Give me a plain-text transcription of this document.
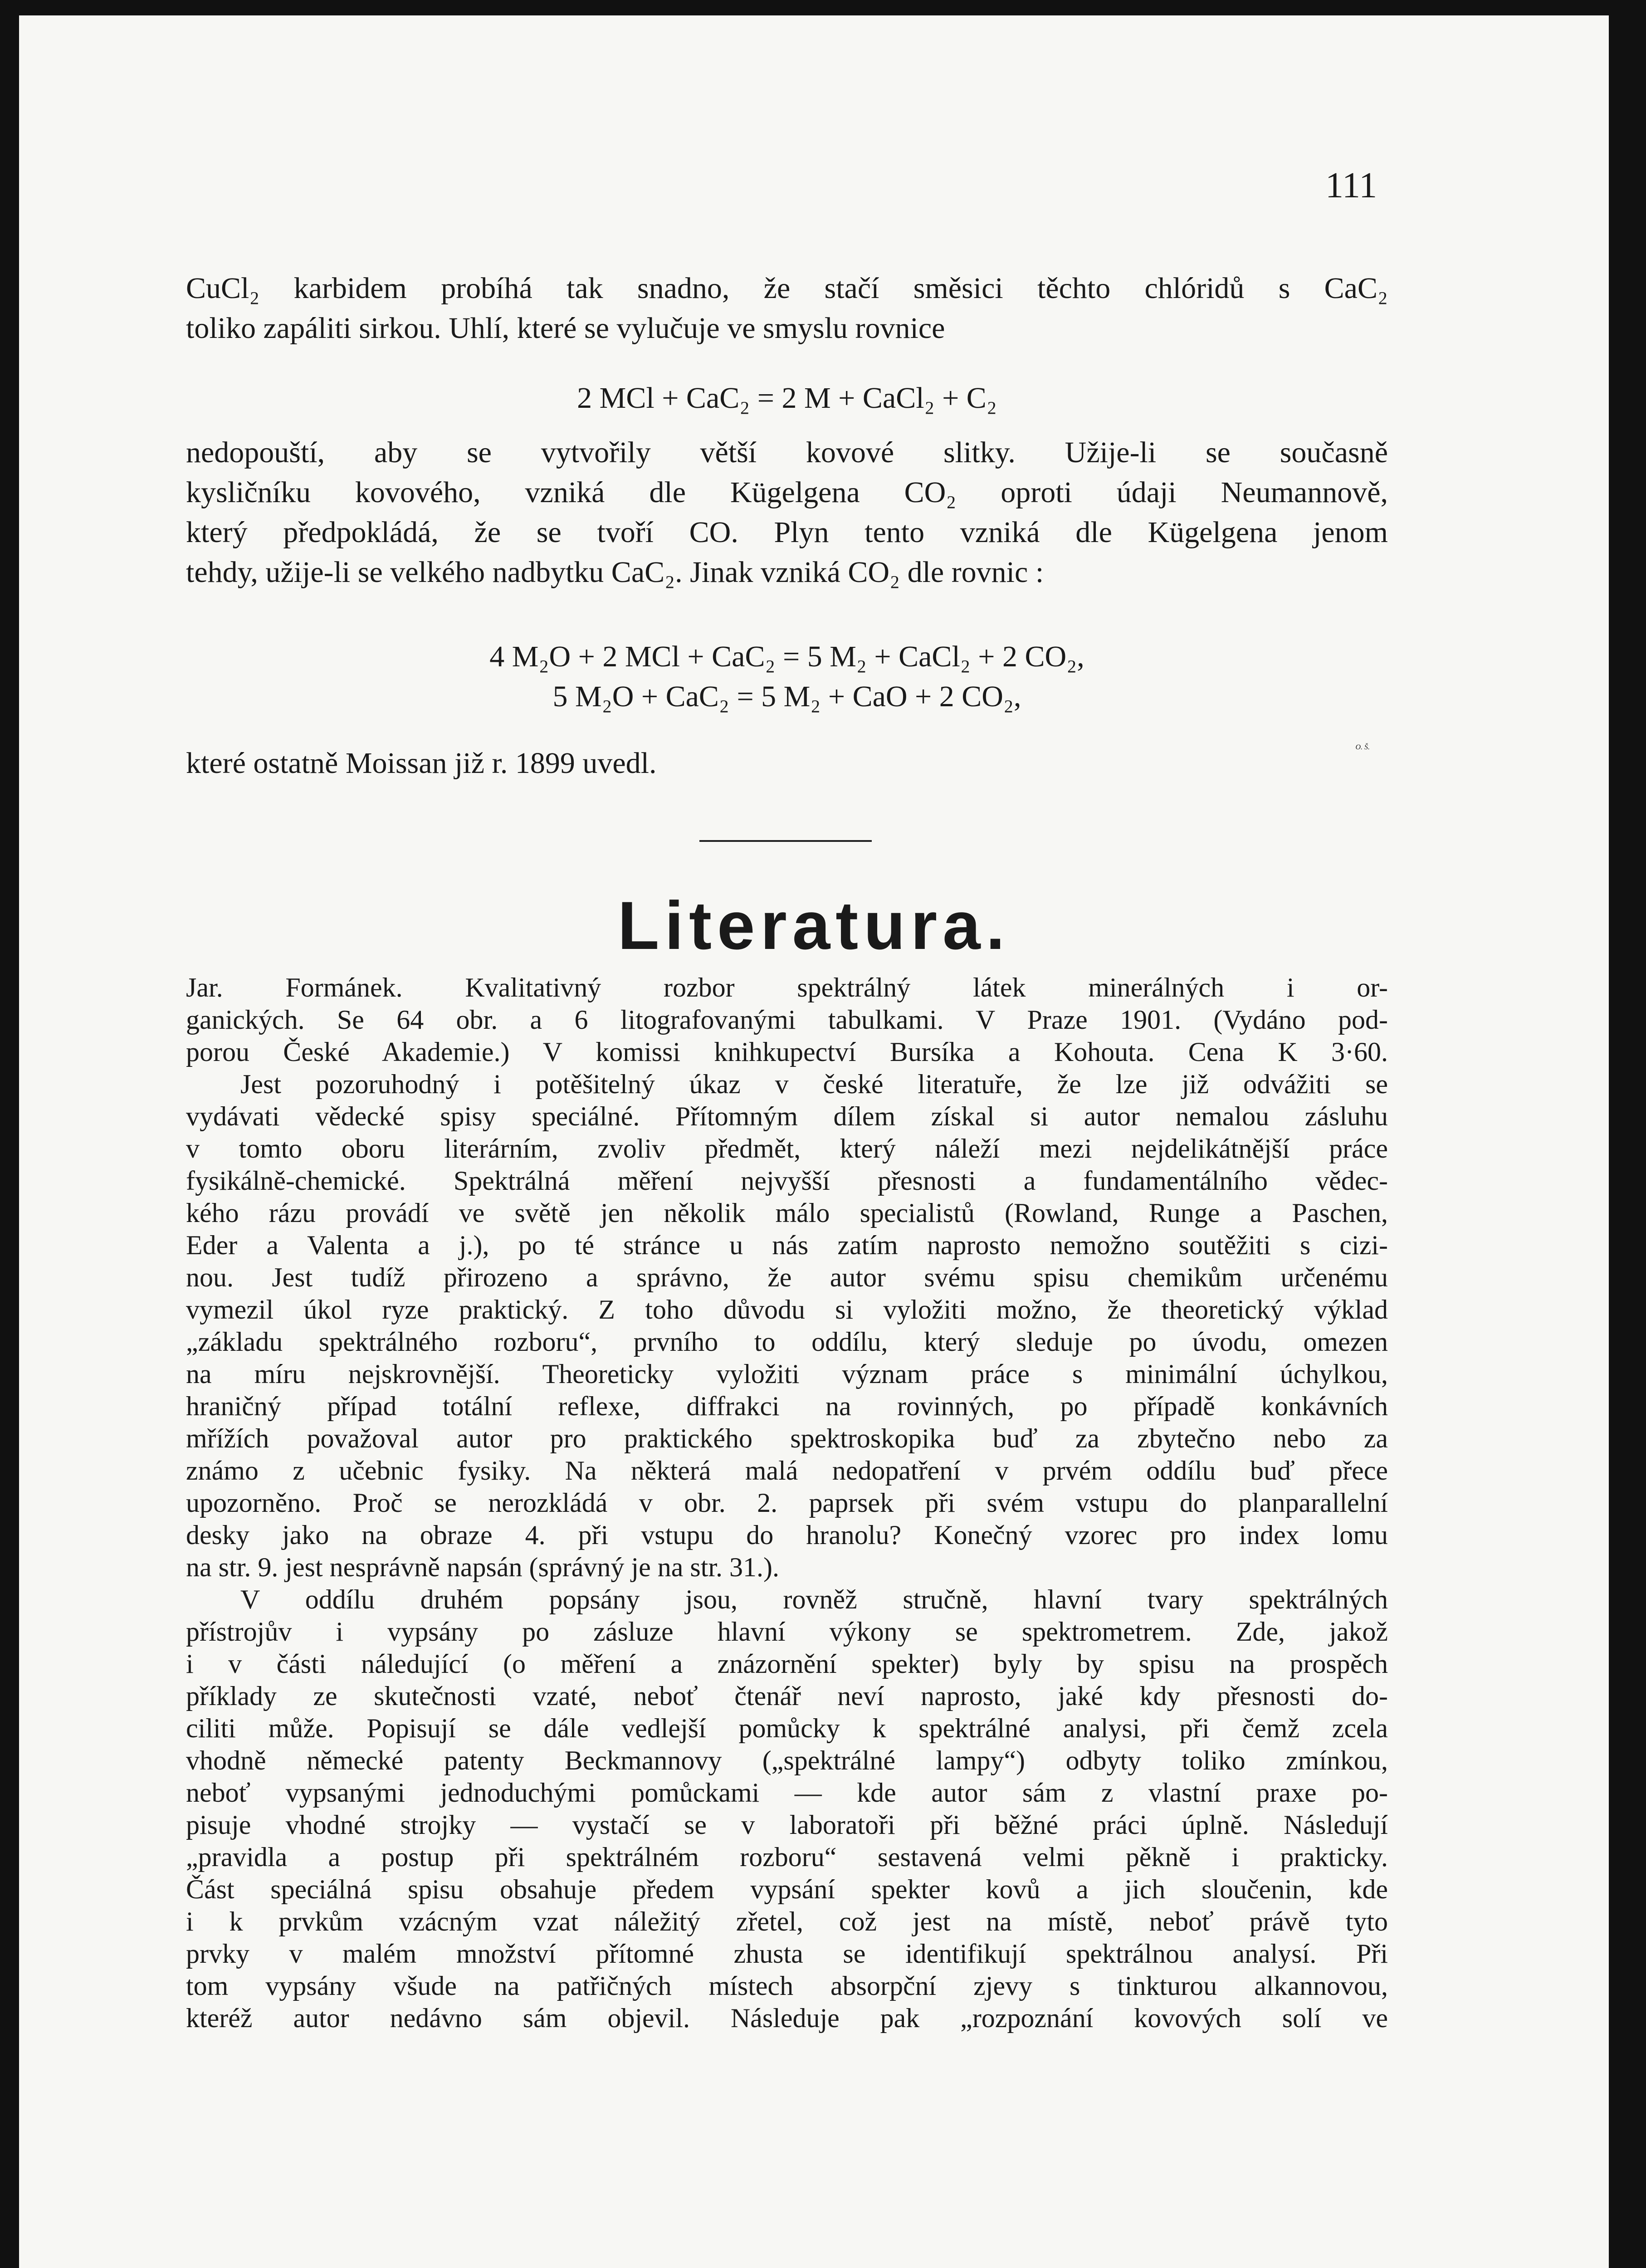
111
CuCl₂ karbidem probíhá tak snadno, že stačí směsici těchto chlóridů s CaC₂
toliko zapáliti sirkou. Uhlí, které se vylučuje ve smyslu rovnice
2 MCl + CaC₂ = 2 M + CaCl₂ + C₂
nedopouští, aby se vytvořily větší kovové slitky. Užije-li se současně
kysličníku kovového, vzniká dle Kügelgena CO₂ oproti údaji Neumannově,
který předpokládá, že se tvoří CO. Plyn tento vzniká dle Kügelgena jenom
tehdy, užije-li se velkého nadbytku CaC₂. Jinak vzniká CO₂ dle rovnic :
4 M₂O + 2 MCl + CaC₂ = 5 M₂ + CaCl₂ + 2 CO₂,
5 M₂O + CaC₂ = 5 M₂ + CaO + 2 CO₂,
které ostatně Moissan již r. 1899 uvedl.	O. Š.
Literatura.
Jar. Formánek. Kvalitativný rozbor spektrálný látek minerálných i or-
ganických. Se 64 obr. a 6 litografovanými tabulkami. V Praze 1901. (Vydáno pod-
porou České Akademie.) V komissi knihkupectví Bursíka a Kohouta. Cena K 3·60.
Jest pozoruhodný i potěšitelný úkaz v české literatuře, že lze již odvážiti se
vydávati vědecké spisy speciálné. Přítomným dílem získal si autor nemalou zásluhu
v tomto oboru literárním, zvoliv předmět, který náleží mezi nejdelikátnější práce
fysikálně-chemické. Spektrálná měření nejvyšší přesnosti a fundamentálního vědec-
kého rázu provádí ve světě jen několik málo specialistů (Rowland, Runge a Paschen,
Eder a Valenta a j.), po té stránce u nás zatím naprosto nemožno soutěžiti s cizi-
nou. Jest tudíž přirozeno a správno, že autor svému spisu chemikům určenému
vymezil úkol ryze praktický. Z toho důvodu si vyložiti možno, že theoretický výklad
„základu spektrálného rozboru“, prvního to oddílu, který sleduje po úvodu, omezen
na míru nejskrovnější. Theoreticky vyložiti význam práce s minimální úchylkou,
hraničný případ totální reflexe, diffrakci na rovinných, po případě konkávních
mřížích považoval autor pro praktického spektroskopika buď za zbytečno nebo za
známo z učebnic fysiky. Na některá malá nedopatření v prvém oddílu buď přece
upozorněno. Proč se nerozkládá v obr. 2. paprsek při svém vstupu do planparallelní
desky jako na obraze 4. při vstupu do hranolu? Konečný vzorec pro index lomu
na str. 9. jest nesprávně napsán (správný je na str. 31.).
V oddílu druhém popsány jsou, rovněž stručně, hlavní tvary spektrálných
přístrojův i vypsány po zásluze hlavní výkony se spektrometrem. Zde, jakož
i v části náledující (o měření a znázornění spekter) byly by spisu na prospěch
příklady ze skutečnosti vzaté, neboť čtenář neví naprosto, jaké kdy přesnosti do-
ciliti může. Popisují se dále vedlejší pomůcky k spektrálné analysi, při čemž zcela
vhodně německé patenty Beckmannovy („spektrálné lampy“) odbyty toliko zmínkou,
neboť vypsanými jednoduchými pomůckami — kde autor sám z vlastní praxe po-
pisuje vhodné strojky — vystačí se v laboratoři při běžné práci úplně. Následují
„pravidla a postup při spektrálném rozboru“ sestavená velmi pěkně i prakticky.
Část speciálná spisu obsahuje předem vypsání spekter kovů a jich sloučenin, kde
i k prvkům vzácným vzat náležitý zřetel, což jest na místě, neboť právě tyto
prvky v malém množství přítomné zhusta se identifikují spektrálnou analysí. Při
tom vypsány všude na patřičných místech absorpční zjevy s tinkturou alkannovou,
kteréž autor nedávno sám objevil. Následuje pak „rozpoznání kovových solí ve
